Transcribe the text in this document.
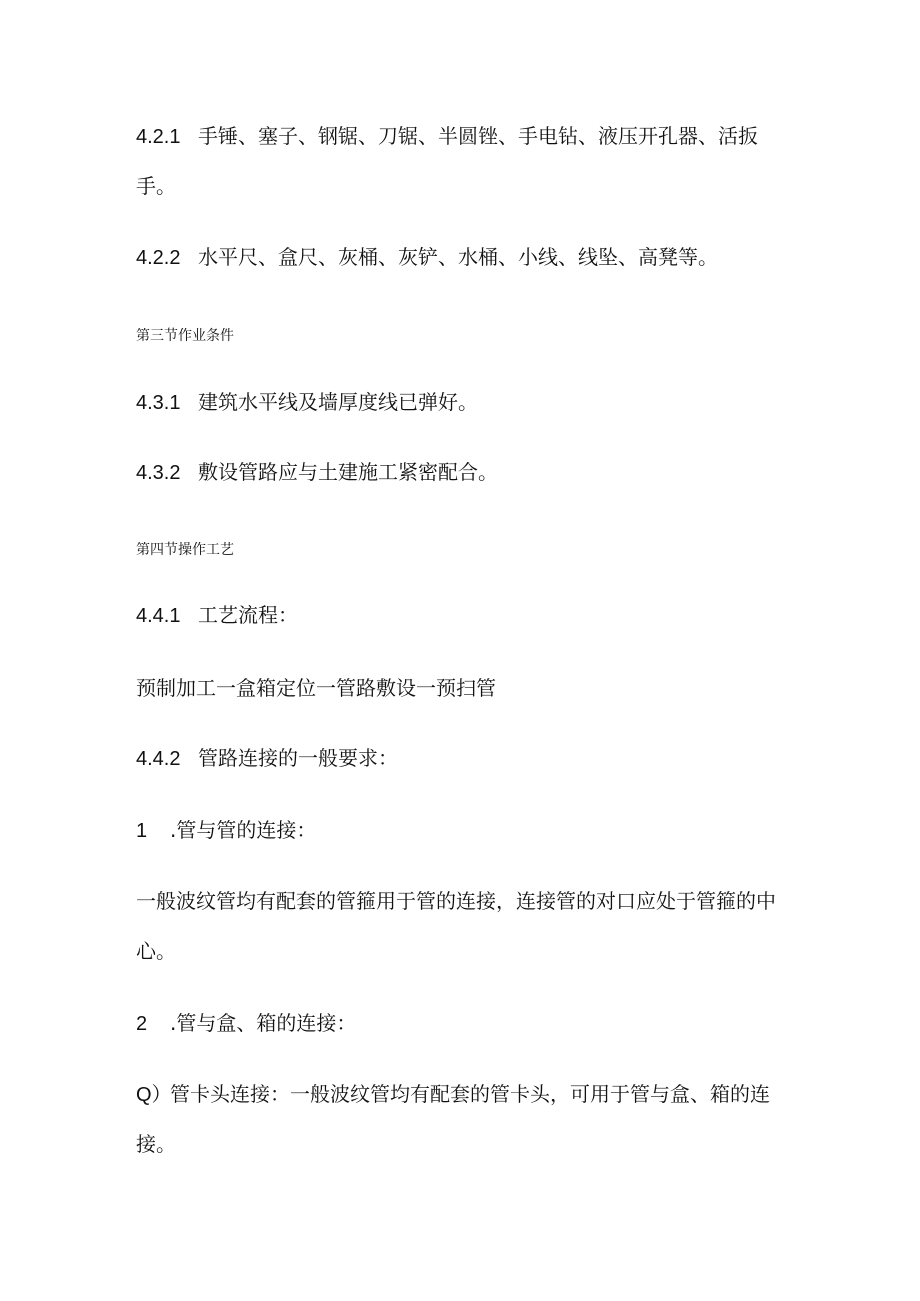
4.2.1 手锤、塞子、钢锯、刀锯、半圆锉、手电钻、液压开孔器、活扳
手。
4.2.2 水平尺、盒尺、灰桶、灰铲、水桶、小线、线坠、高凳等。
第三节作业条件
4.3.1 建筑水平线及墙厚度线已弹好。
4.3.2 敷设管路应与土建施工紧密配合。
第四节操作工艺
4.4.1 工艺流程：
预制加工一盒箱定位一管路敷设一预扫管
4.4.2 管路连接的一般要求：
1 .管与管的连接：
一般波纹管均有配套的管箍用于管的连接，连接管的对口应处于管箍的中
心。
2 .管与盒、箱的连接：
Q）管卡头连接：一般波纹管均有配套的管卡头，可用于管与盒、箱的连
接。
